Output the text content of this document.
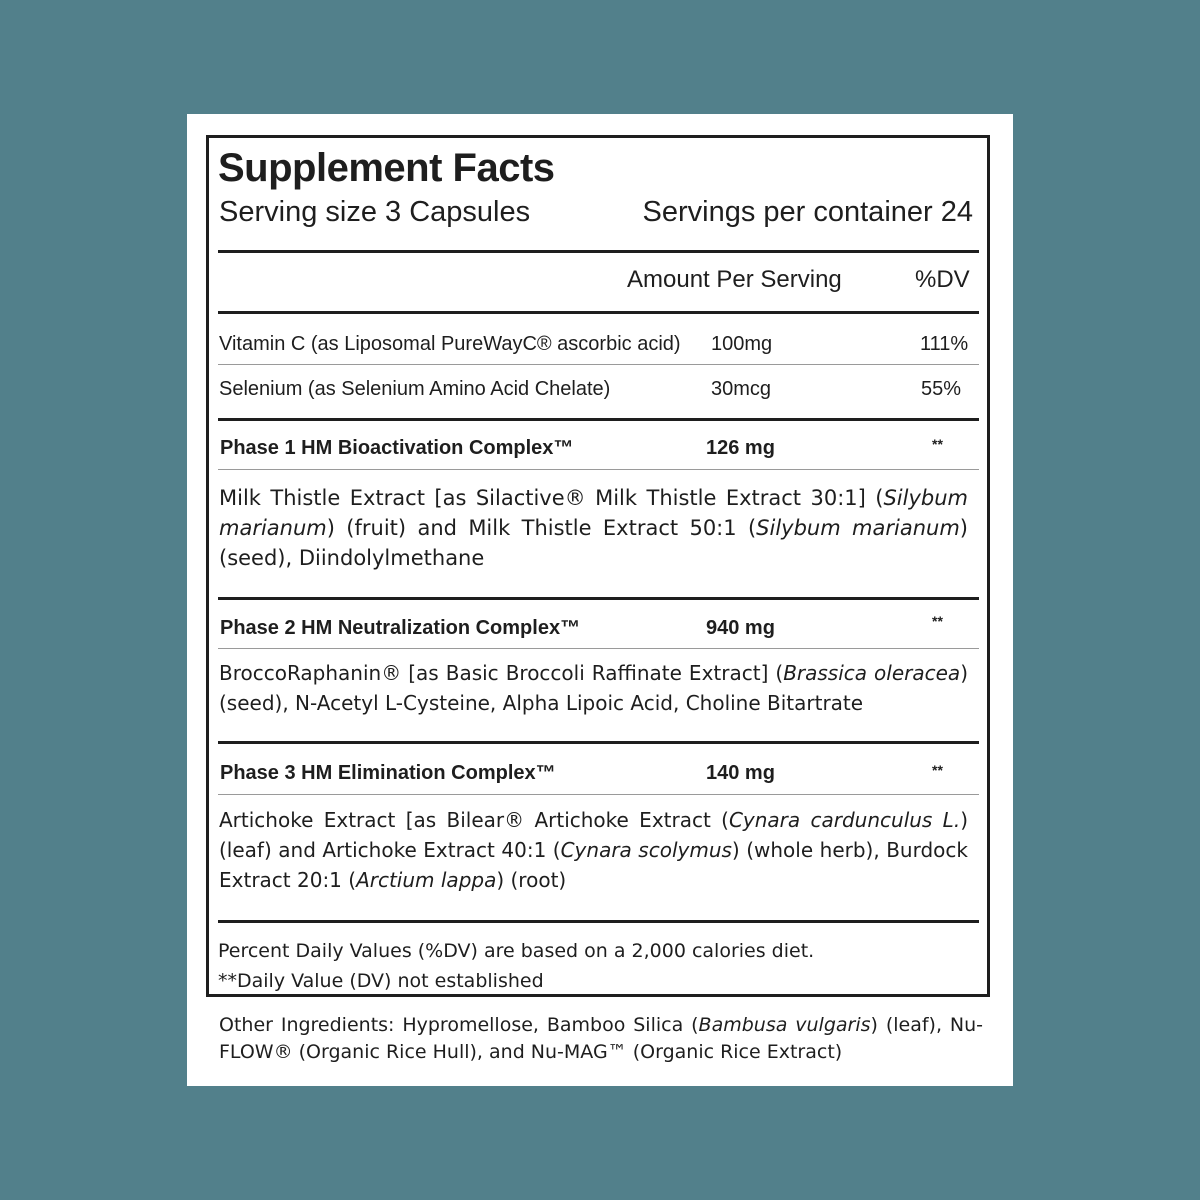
Supplement Facts
Serving size 3 Capsules	Servings per container 24
Amount Per Serving	%DV
Vitamin C (as Liposomal PureWayC® ascorbic acid) 100mg	111%
Selenium (as Selenium Amino Acid Chelate)	30mcg	55%
Phase 1 HM Bioactivation Complex™	126 mg	**
Milk Thistle Extract [as Silactive® Milk Thistle Extract 30:1] (Silybum marianum) (fruit) and Milk Thistle Extract 50:1 (Silybum marianum) (seed), Diindolylmethane
Phase 2 HM Neutralization Complex™	940 mg	**
BroccoRaphanin® [as Basic Broccoli Raffinate Extract] (Brassica oleracea) (seed), N-Acetyl L-Cysteine, Alpha Lipoic Acid, Choline Bitartrate
Phase 3 HM Elimination Complex™	140 mg	**
Artichoke Extract [as Bilear® Artichoke Extract (Cynara cardunculus L.) (leaf) and Artichoke Extract 40:1 (Cynara scolymus) (whole herb), Burdock Extract 20:1 (Arctium lappa) (root)
Percent Daily Values (%DV) are based on a 2,000 calories diet.
**Daily Value (DV) not established
Other Ingredients: Hypromellose, Bamboo Silica (Bambusa vulgaris) (leaf), Nu-FLOW® (Organic Rice Hull), and Nu-MAG™ (Organic Rice Extract)
